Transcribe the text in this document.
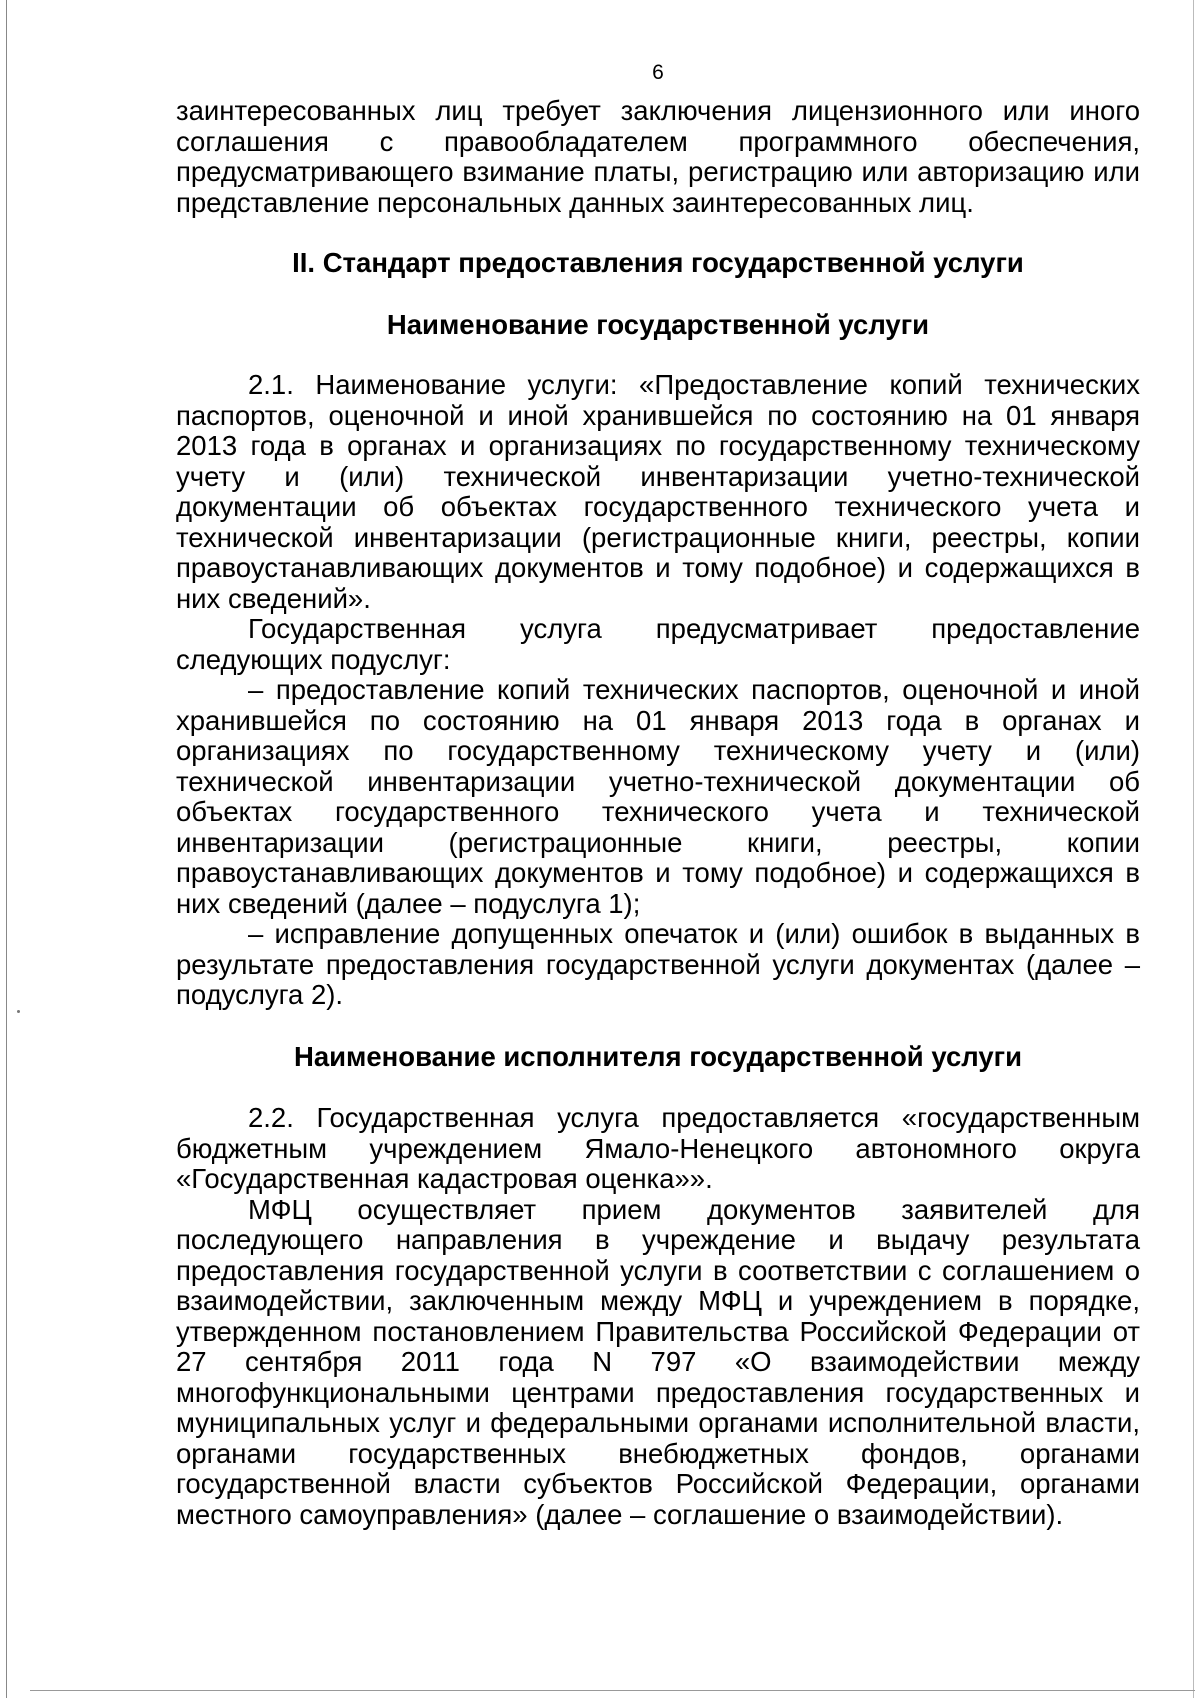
6

заинтересованных лиц требует заключения лицензионного или иного соглашения с правообладателем программного обеспечения, предусматривающего взимание платы, регистрацию или авторизацию или представление персональных данных заинтересованных лиц.

II. Стандарт предоставления государственной услуги
Наименование государственной услуги

2.1. Наименование услуги: «Предоставление копий технических паспортов, оценочной и иной хранившейся по состоянию на 01 января 2013 года в органах и организациях по государственному техническому учету и (или) технической инвентаризации учетно-технической документации об объектах государственного технического учета и технической инвентаризации (регистрационные книги, реестры, копии правоустанавливающих документов и тому подобное) и содержащихся в них сведений».

Государственная услуга предусматривает предоставление следующих подуслуг:

– предоставление копий технических паспортов, оценочной и иной хранившейся по состоянию на 01 января 2013 года в органах и организациях по государственному техническому учету и (или) технической инвентаризации учетно-технической документации об объектах государственного технического учета и технической инвентаризации (регистрационные книги, реестры, копии правоустанавливающих документов и тому подобное) и содержащихся в них сведений (далее – подуслуга 1);

– исправление допущенных опечаток и (или) ошибок в выданных в результате предоставления государственной услуги документах (далее – подуслуга 2).

Наименование исполнителя государственной услуги

2.2. Государственная услуга предоставляется «государственным бюджетным учреждением Ямало-Ненецкого автономного округа «Государственная кадастровая оценка»».

МФЦ осуществляет прием документов заявителей для последующего направления в учреждение и выдачу результата предоставления государственной услуги в соответствии с соглашением о взаимодействии, заключенным между МФЦ и учреждением в порядке, утвержденном постановлением Правительства Российской Федерации от 27 сентября 2011 года N 797 «О взаимодействии между многофункциональными центрами предоставления государственных и муниципальных услуг и федеральными органами исполнительной власти, органами государственных внебюджетных фондов, органами государственной власти субъектов Российской Федерации, органами местного самоуправления» (далее – соглашение о взаимодействии).
